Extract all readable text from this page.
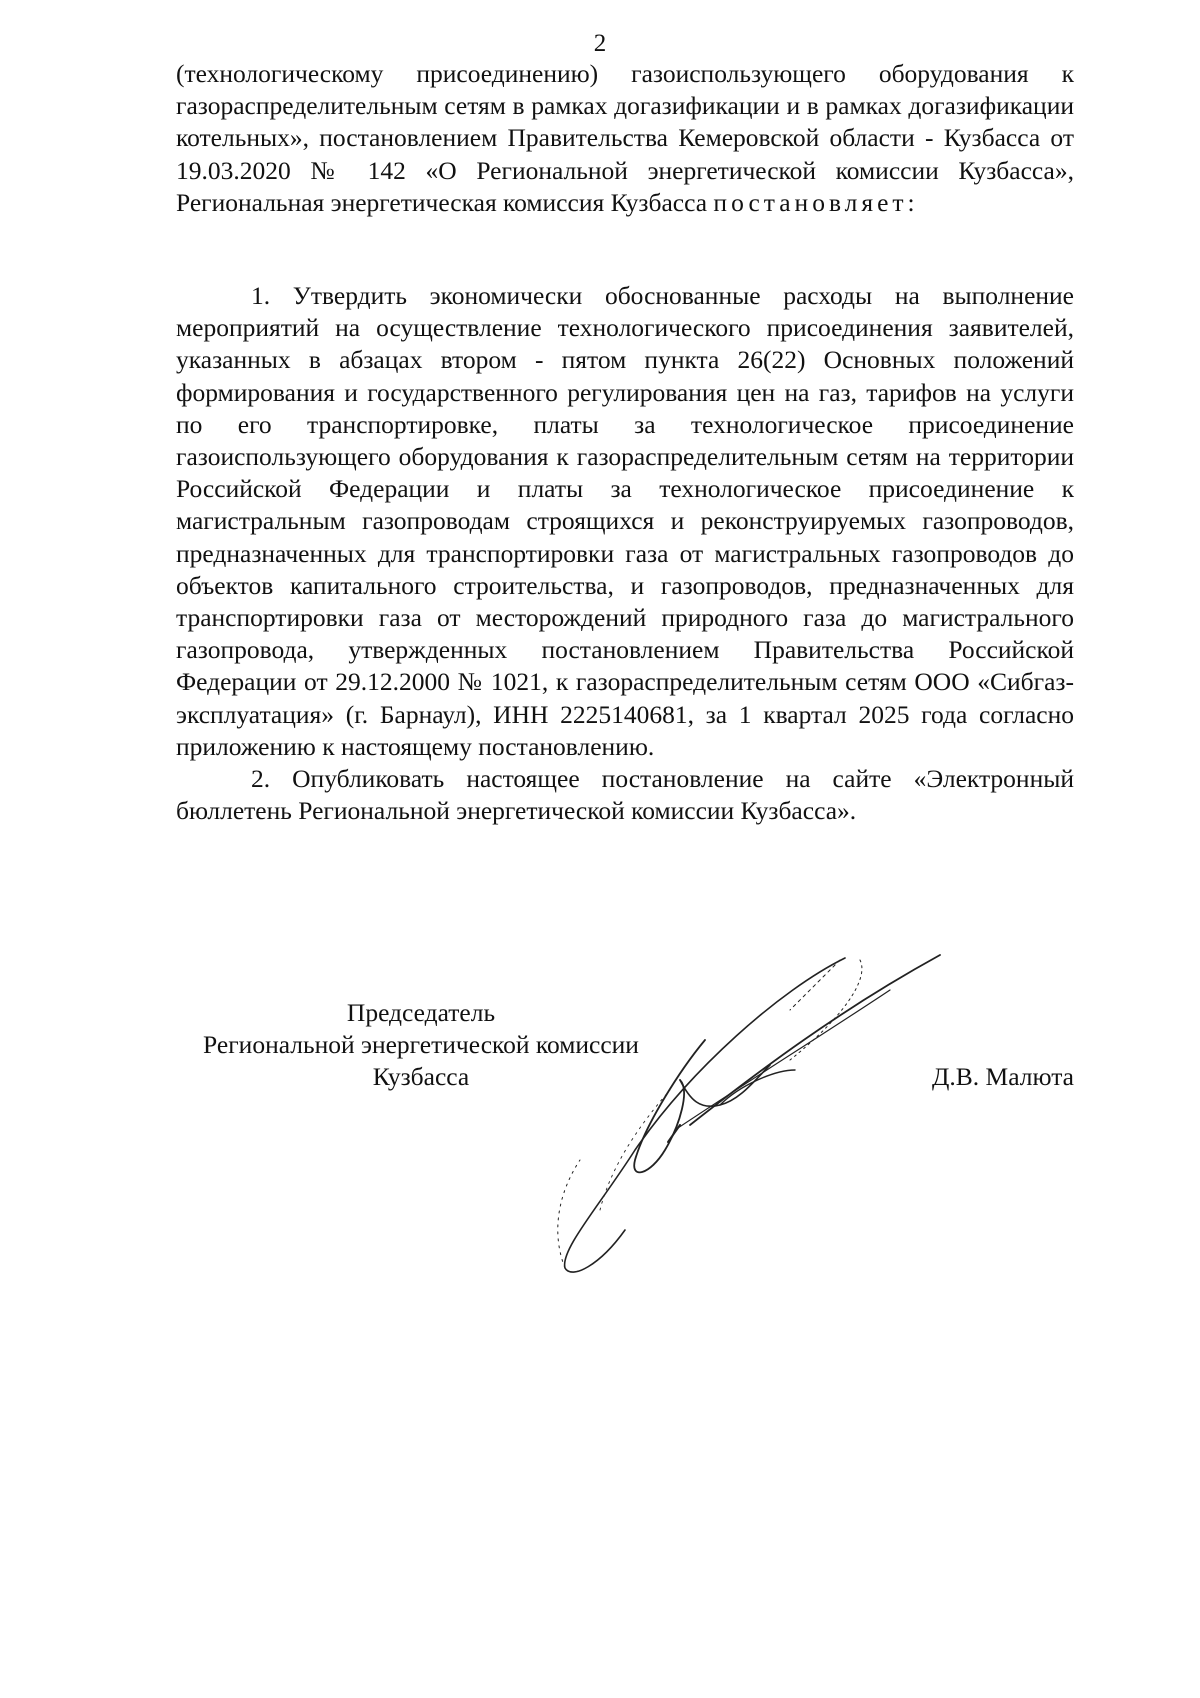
2
(технологическому присоединению) газоиспользующего оборудования к газораспределительным сетям в рамках догазификации и в рамках догазификации котельных», постановлением Правительства Кемеровской области - Кузбасса от 19.03.2020 № 142 «О Региональной энергетической комиссии Кузбасса», Региональная энергетическая комиссия Кузбасса постановляет:
1. Утвердить экономически обоснованные расходы на выполнение мероприятий на осуществление технологического присоединения заявителей, указанных в абзацах втором - пятом пункта 26(22) Основных положений формирования и государственного регулирования цен на газ, тарифов на услуги по его транспортировке, платы за технологическое присоединение газоиспользующего оборудования к газораспределительным сетям на территории Российской Федерации и платы за технологическое присоединение к магистральным газопроводам строящихся и реконструируемых газопроводов, предназначенных для транспортировки газа от магистральных газопроводов до объектов капитального строительства, и газопроводов, предназначенных для транспортировки газа от месторождений природного газа до магистрального газопровода, утвержденных постановлением Правительства Российской Федерации от 29.12.2000 № 1021, к газораспределительным сетям ООО «Сибгаз-эксплуатация» (г. Барнаул), ИНН 2225140681, за 1 квартал 2025 года согласно приложению к настоящему постановлению.
2. Опубликовать настоящее постановление на сайте «Электронный бюллетень Региональной энергетической комиссии Кузбасса».
Председатель
Региональной энергетической комиссии
Кузбасса	Д.В. Малюта
